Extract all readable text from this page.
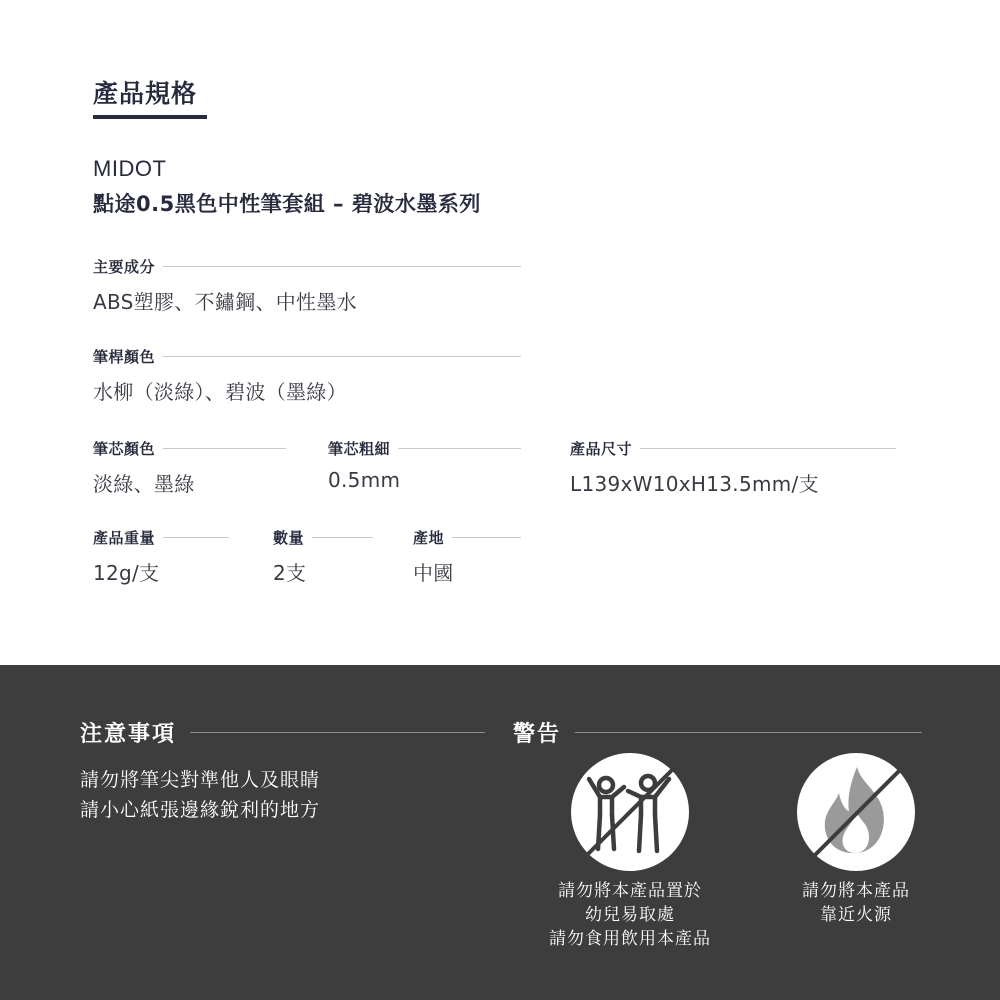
產品規格
MIDOT
點途0.5黑色中性筆套組 – 碧波水墨系列
主要成分
ABS塑膠、不鏽鋼、中性墨水
筆桿顏色
水柳（淡綠）、碧波（墨綠）
筆芯顏色
淡綠、墨綠
筆芯粗細
0.5mm
產品尺寸
L139xW10xH13.5mm/支
產品重量
12g/支
數量
2支
產地
中國
注意事項
請勿將筆尖對準他人及眼睛
請小心紙張邊緣銳利的地方
警告
請勿將本產品置於
幼兒易取處
請勿食用飲用本產品
請勿將本產品
靠近火源
